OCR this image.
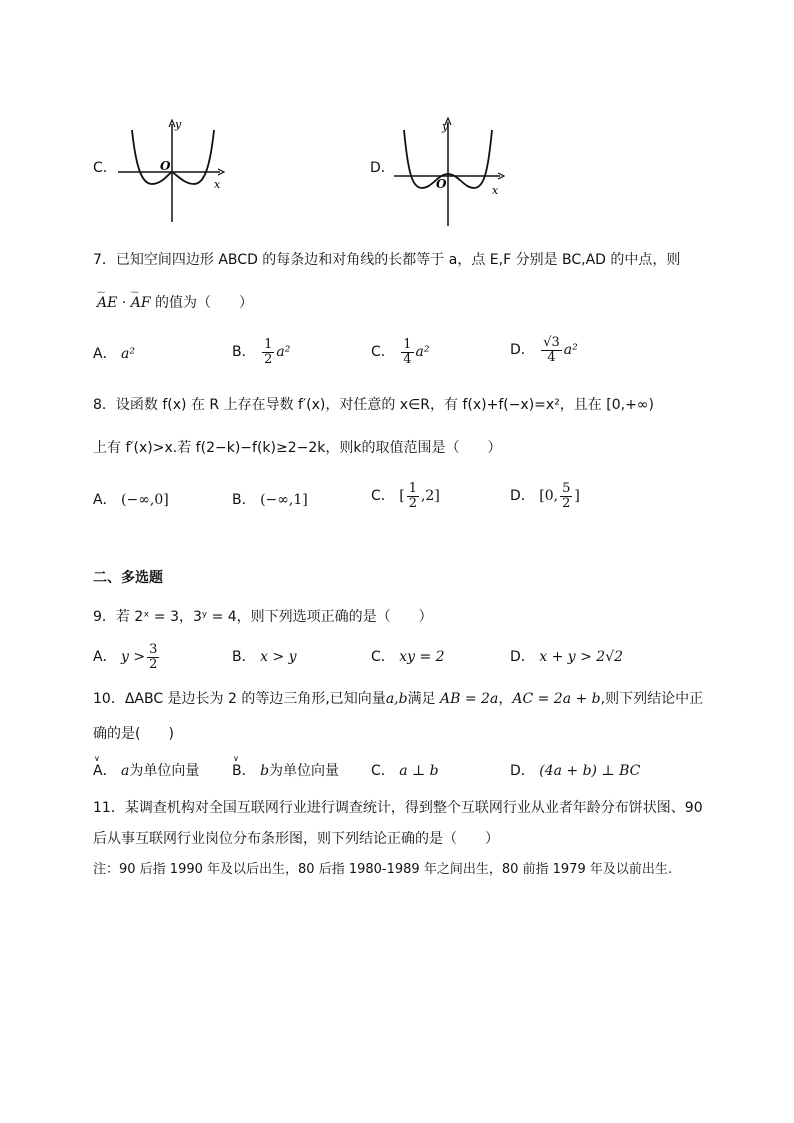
C．
y
x
O	D．
y
x
O
7．已知空间四边形 ABCD 的每条边和对角线的长都等于 a，点 E,F 分别是 BC,AD 的中点，则
⌣⌣ AE · ⌣⌣ AF 的值为（　　）
A． a²	B． $\frac{1}{2} a^2$	C． $\frac{1}{4} a^2$	D． $\frac{√3}{4} a^2$
8．设函数 f(x) 在 R 上存在导数 f′(x)，对任意的 x∈R，有 f(x)+f(−x)=x²，且在 [0,+∞)
上有 f′(x)>x.若 f(2−k)−f(k)≥2−2k，则k的取值范围是（　　）
A． (−∞,0]	B． (−∞,1]	C． [ $\frac{1}{2} ,2$]	D． [0, $\frac{5}{2}$ ]
二、多选题
9．若 2ˣ = 3，3ʸ = 4，则下列选项正确的是（　　）
A． $y > \frac{3}{2}$	B． x > y	C． xy = 2	D． x + y > 2√2
10．ΔABC 是边长为 2 的等边三角形,已知向量a,b满足 AB = 2a，AC = 2a + b,则下列结论中正
确的是(　　)
A． ∨ a为单位向量 B． ∨ b为单位向量 C． a ⊥ b	D． (4a + b) ⊥ BC
11．某调查机构对全国互联网行业进行调查统计，得到整个互联网行业从业者年龄分布饼状图、90
后从事互联网行业岗位分布条形图，则下列结论正确的是（　　）
注：90 后指 1990 年及以后出生，80 后指 1980-1989 年之间出生，80 前指 1979 年及以前出生.
